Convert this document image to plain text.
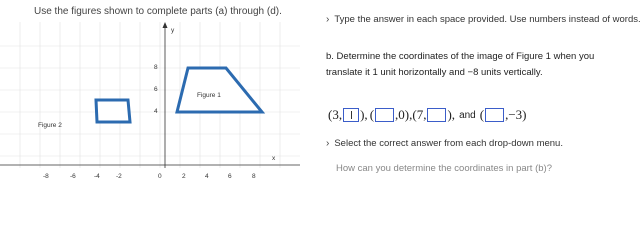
Use the figures shown to complete parts (a) through (d).
y
x
8
6
4
-8	-6	-4 -2	0	2	4	6	8
Figure 1
Figure 2
› Type the answer in each space provided. Use numbers instead of words.
b. Determine the coordinates of the image of Figure 1 when you translate it 1 unit horizontally and −8 units vertically.
(3, ), ( ,0), (7, ), and ( ,−3)
› Select the correct answer from each drop-down menu.
How can you determine the coordinates in part (b)?
